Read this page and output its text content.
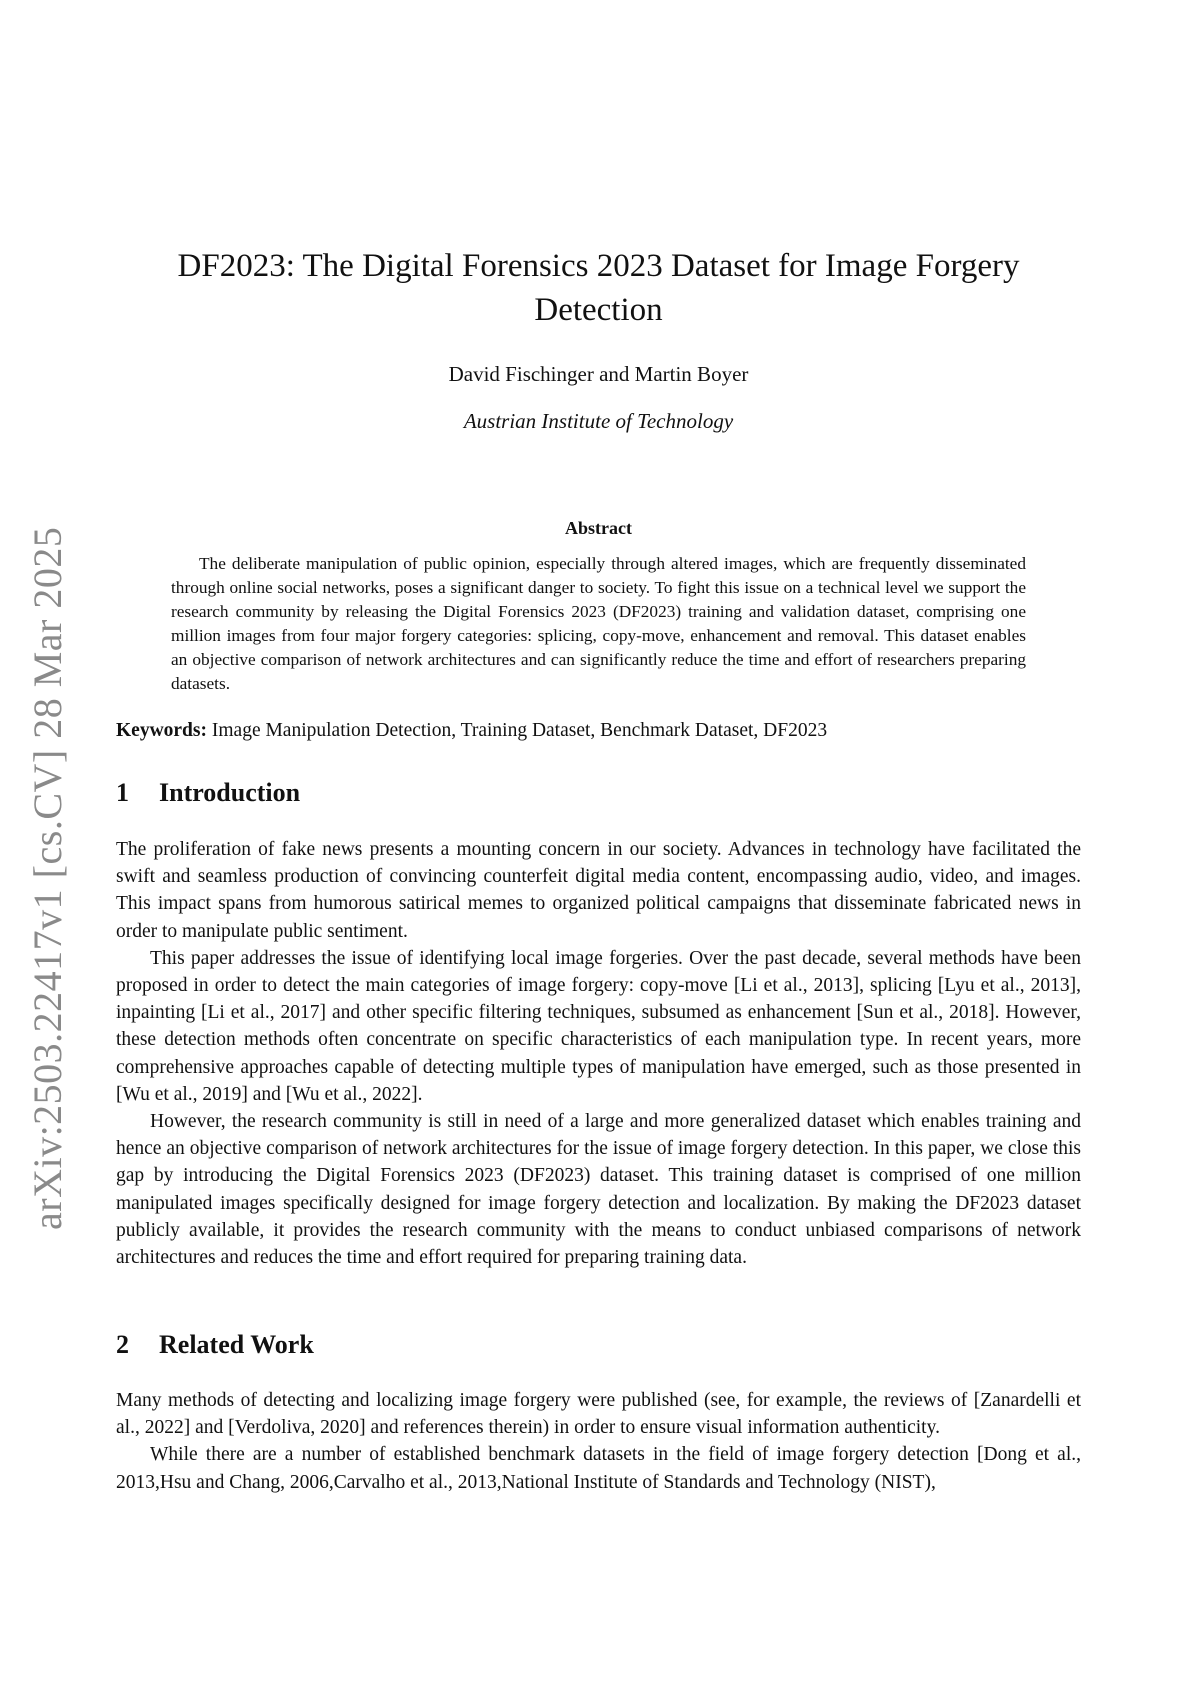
arXiv:2503.22417v1 [cs.CV] 28 Mar 2025
DF2023: The Digital Forensics 2023 Dataset for Image Forgery Detection
David Fischinger and Martin Boyer
Austrian Institute of Technology
Abstract

The deliberate manipulation of public opinion, especially through altered images, which are frequently disseminated through online social networks, poses a significant danger to society. To fight this issue on a technical level we support the research community by releasing the Digital Forensics 2023 (DF2023) training and validation dataset, comprising one million images from four major forgery categories: splicing, copy-move, enhancement and removal. This dataset enables an objective comparison of network architectures and can significantly reduce the time and effort of researchers preparing datasets.

Keywords: Image Manipulation Detection, Training Dataset, Benchmark Dataset, DF2023
1 Introduction

The proliferation of fake news presents a mounting concern in our society. Advances in technology have facilitated the swift and seamless production of convincing counterfeit digital media content, encompassing audio, video, and images. This impact spans from humorous satirical memes to organized political campaigns that disseminate fabricated news in order to manipulate public sentiment.

This paper addresses the issue of identifying local image forgeries. Over the past decade, several methods have been proposed in order to detect the main categories of image forgery: copy-move [Li et al., 2013], splicing [Lyu et al., 2013], inpainting [Li et al., 2017] and other specific filtering techniques, subsumed as enhancement [Sun et al., 2018]. However, these detection methods often concentrate on specific characteristics of each manipulation type. In recent years, more comprehensive approaches capable of detecting multiple types of manipulation have emerged, such as those presented in [Wu et al., 2019] and [Wu et al., 2022].

However, the research community is still in need of a large and more generalized dataset which enables training and hence an objective comparison of network architectures for the issue of image forgery detection. In this paper, we close this gap by introducing the Digital Forensics 2023 (DF2023) dataset. This training dataset is comprised of one million manipulated images specifically designed for image forgery detection and localization. By making the DF2023 dataset publicly available, it provides the research community with the means to conduct unbiased comparisons of network architectures and reduces the time and effort required for preparing training data.

2 Related Work

Many methods of detecting and localizing image forgery were published (see, for example, the reviews of [Zanardelli et al., 2022] and [Verdoliva, 2020] and references therein) in order to ensure visual information authenticity.

While there are a number of established benchmark datasets in the field of image forgery detection [Dong et al., 2013,Hsu and Chang, 2006,Carvalho et al., 2013,National Institute of Standards and Technology (NIST),
